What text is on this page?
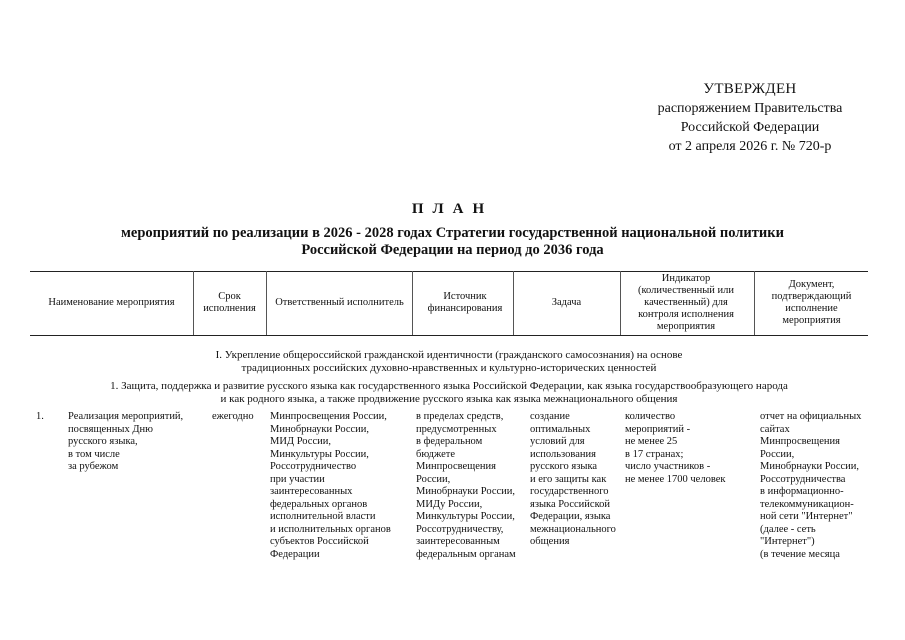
УТВЕРЖДЕН
распоряжением Правительства
Российской Федерации
от 2 апреля 2026 г. № 720-р
ПЛАН
мероприятий по реализации в 2026 - 2028 годах Стратегии государственной национальной политики
Российской Федерации на период до 2036 года
Наименование мероприятия
Срок исполнения
Ответственный исполнитель
Источник финансирования
Задача
Индикатор (количественный или качественный) для контроля исполнения мероприятия
Документ, подтверждающий исполнение мероприятия
I. Укрепление общероссийской гражданской идентичности (гражданского самосознания) на основе
традиционных российских духовно-нравственных и культурно-исторических ценностей
1. Защита, поддержка и развитие русского языка как государственного языка Российской Федерации, как языка государствообразующего народа
и как родного языка, а также продвижение русского языка как языка межнационального общения
1. Реализация мероприятий,
посвященных Дню
русского языка,
в том числе
за рубежом
ежегодно	Минпросвещения России,
Минобрнауки России,
МИД России,
Минкультуры России,
Россотрудничество
при участии
заинтересованных
федеральных органов
исполнительной власти
и исполнительных органов
субъектов Российской
Федерации
в пределах средств,
предусмотренных
в федеральном
бюджете
Минпросвещения
России,
Минобрнауки России,
МИДу России,
Минкультуры России,
Россотрудничеству,
заинтересованным
федеральным органам
создание
оптимальных
условий для
использования
русского языка
и его защиты как
государственного
языка Российской
Федерации, языка
межнационального
общения
количество
мероприятий -
не менее 25
в 17 странах;
число участников -
не менее 1700 человек
отчет на официальных
сайтах
Минпросвещения
России,
Минобрнауки России,
Россотрудничества
в информационно-
телекоммуникацион-
ной сети "Интернет"
(далее - сеть
"Интернет")
(в течение месяца
